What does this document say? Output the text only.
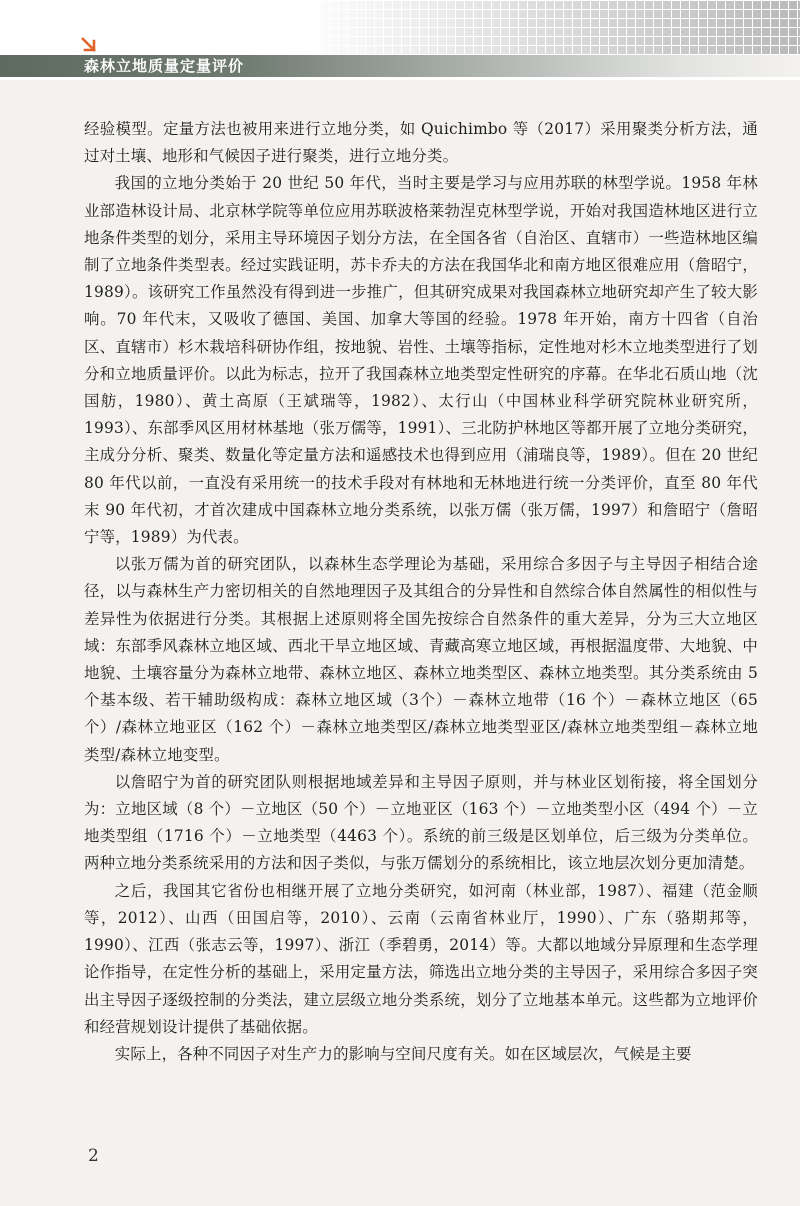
森林立地质量定量评价

经验模型。定量方法也被用来进行立地分类，如 Quichimbo 等（2017）采用聚类分析方法，通过对土壤、地形和气候因子进行聚类，进行立地分类。

我国的立地分类始于 20 世纪 50 年代，当时主要是学习与应用苏联的林型学说。1958 年林业部造林设计局、北京林学院等单位应用苏联波格莱勃涅克林型学说，开始对我国造林地区进行立地条件类型的划分，采用主导环境因子划分方法，在全国各省（自治区、直辖市）一些造林地区编制了立地条件类型表。经过实践证明，苏卡乔夫的方法在我国华北和南方地区很难应用（詹昭宁，1989）。该研究工作虽然没有得到进一步推广，但其研究成果对我国森林立地研究却产生了较大影响。70 年代末，又吸收了德国、美国、加拿大等国的经验。1978 年开始，南方十四省（自治区、直辖市）杉木栽培科研协作组，按地貌、岩性、土壤等指标，定性地对杉木立地类型进行了划分和立地质量评价。以此为标志，拉开了我国森林立地类型定性研究的序幕。在华北石质山地（沈国舫，1980）、黄土高原（王斌瑞等，1982）、太行山（中国林业科学研究院林业研究所，1993）、东部季风区用材林基地（张万儒等，1991）、三北防护林地区等都开展了立地分类研究，主成分分析、聚类、数量化等定量方法和遥感技术也得到应用（浦瑞良等，1989）。但在 20 世纪 80 年代以前，一直没有采用统一的技术手段对有林地和无林地进行统一分类评价，直至 80 年代末 90 年代初，才首次建成中国森林立地分类系统，以张万儒（张万儒，1997）和詹昭宁（詹昭宁等，1989）为代表。

以张万儒为首的研究团队，以森林生态学理论为基础，采用综合多因子与主导因子相结合途径，以与森林生产力密切相关的自然地理因子及其组合的分异性和自然综合体自然属性的相似性与差异性为依据进行分类。其根据上述原则将全国先按综合自然条件的重大差异，分为三大立地区域：东部季风森林立地区域、西北干旱立地区域、青藏高寒立地区域，再根据温度带、大地貌、中地貌、土壤容量分为森林立地带、森林立地区、森林立地类型区、森林立地类型。其分类系统由 5 个基本级、若干辅助级构成：森林立地区域（3个）－森林立地带（16 个）－森林立地区（65 个）/森林立地亚区（162 个）－森林立地类型区/森林立地类型亚区/森林立地类型组－森林立地类型/森林立地变型。

以詹昭宁为首的研究团队则根据地域差异和主导因子原则，并与林业区划衔接，将全国划分为：立地区域（8 个）－立地区（50 个）－立地亚区（163 个）－立地类型小区（494 个）－立地类型组（1716 个）－立地类型（4463 个）。系统的前三级是区划单位，后三级为分类单位。两种立地分类系统采用的方法和因子类似，与张万儒划分的系统相比，该立地层次划分更加清楚。

之后，我国其它省份也相继开展了立地分类研究，如河南（林业部，1987）、福建（范金顺等，2012）、山西（田国启等，2010）、云南（云南省林业厅，1990）、广东（骆期邦等，1990）、江西（张志云等，1997）、浙江（季碧勇，2014）等。大都以地域分异原理和生态学理论作指导，在定性分析的基础上，采用定量方法，筛选出立地分类的主导因子，采用综合多因子突出主导因子逐级控制的分类法，建立层级立地分类系统，划分了立地基本单元。这些都为立地评价和经营规划设计提供了基础依据。

实际上，各种不同因子对生产力的影响与空间尺度有关。如在区域层次，气候是主要

2
